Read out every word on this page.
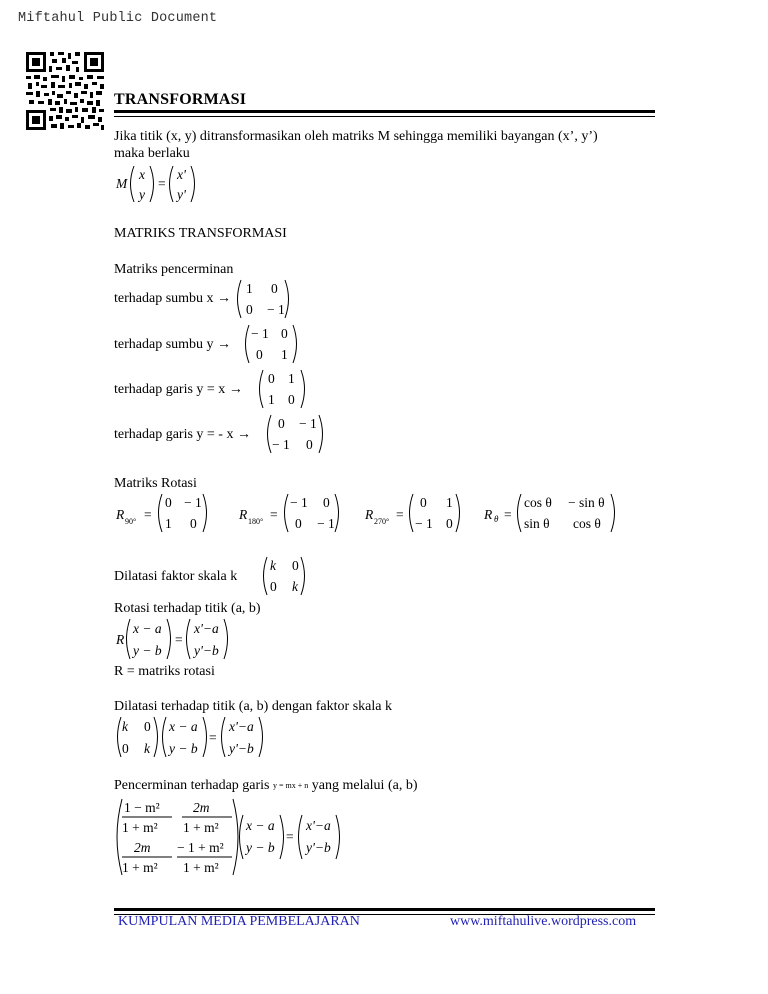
Miftahul Public Document
TRANSFORMASI
Jika titik (x, y) ditransformasikan oleh matriks M sehingga memiliki bayangan (x’, y’)
maka berlaku
M
x
y
=
x'
y'
MATRIKS TRANSFORMASI
Matriks pencerminan
terhadap sumbu x →
1 0
0 − 1
terhadap sumbu y →
− 1 0
0 1
terhadap garis y = x →
0 1
1 0
terhadap garis y = - x →
0 − 1
− 1 0
Matriks Rotasi
R 90° =
0 − 1
1 0
R 180° =
− 1 0
0 − 1
R 270° =
0 1
− 1 0
R θ =
cos θ − sin θ
sin θ cos θ
Dilatasi faktor skala k
k 0
0 k
Rotasi terhadap titik (a, b)
R
x − a
y − b
=
x'−a
y'−b
R = matriks rotasi
Dilatasi terhadap titik (a, b) dengan faktor skala k
k 0
0 k
x − a
y − b
=
x'−a
y'−b
Pencerminan terhadap garis y = mx + n yang melalui (a, b)
1 − m²
1 + m²
2m
1 + m²
2m
1 + m²
− 1 + m²
1 + m²
x − a
y − b
=
x'−a
y'−b
KUMPULAN MEDIA PEMBELAJARAN	www.miftahulive.wordpress.com
